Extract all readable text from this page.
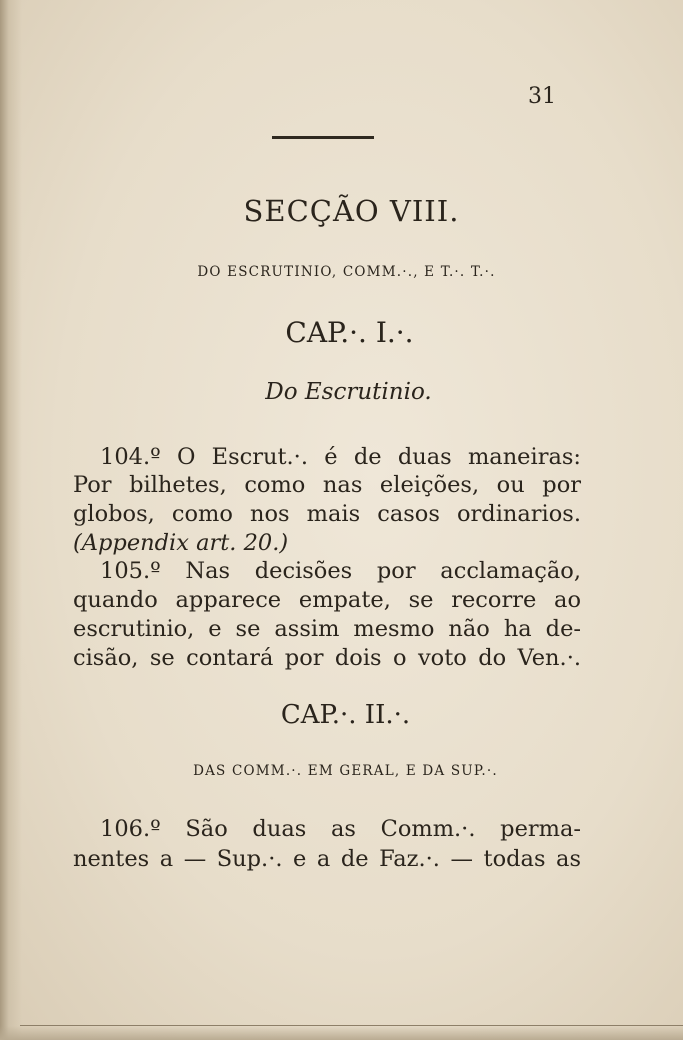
31
SECÇÃO VIII.
DO ESCRUTINIO, COMM.·., E T.·. T.·.
CAP.·. I.·.
Do Escrutinio.
104.º O Escrut.·. é de duas maneiras:
Por bilhetes, como nas eleições, ou por
globos, como nos mais casos ordinarios.
(Appendix art. 20.)
105.º Nas decisões por acclamação,
quando apparece empate, se recorre ao
escrutinio, e se assim mesmo não ha de-
cisão, se contará por dois o voto do Ven.·.
CAP.·. II.·.
DAS COMM.·. EM GERAL, E DA SUP.·.
106.º São duas as Comm.·. perma-
nentes a — Sup.·. e a de Faz.·. — todas as
